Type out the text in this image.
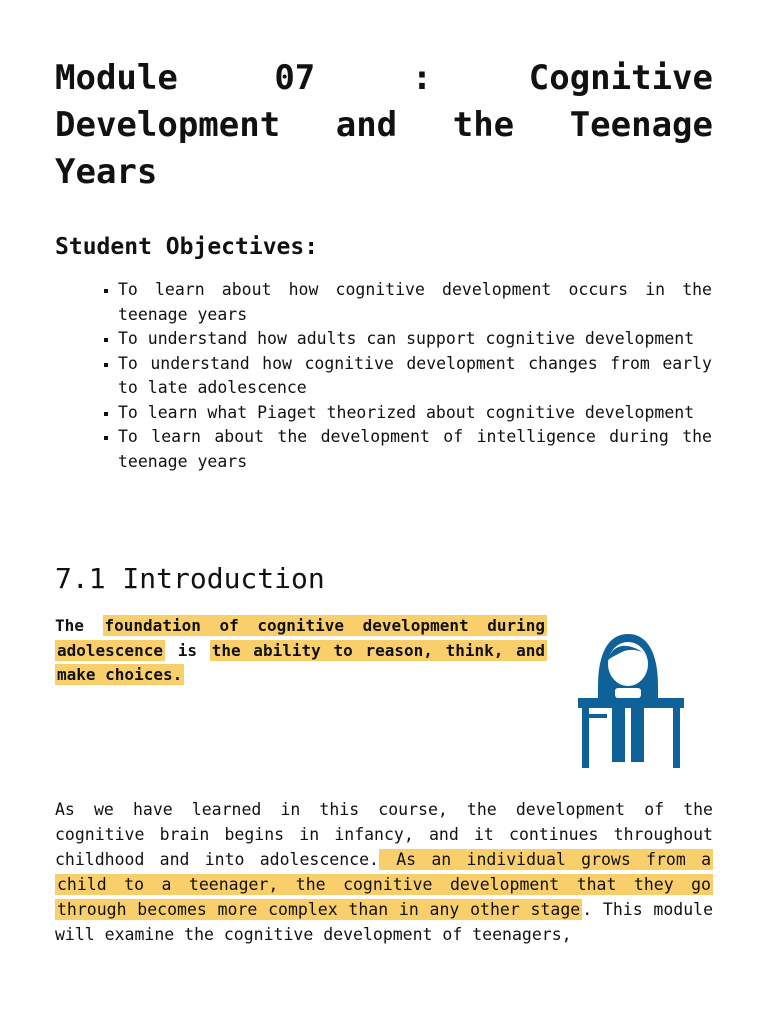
Module 07 : Cognitive Development and the Teenage Years
Student Objectives:
To learn about how cognitive development occurs in the teenage years
To understand how adults can support cognitive development
To understand how cognitive development changes from early to late adolescence
To learn what Piaget theorized about cognitive development
To learn about the development of intelligence during the teenage years
7.1 Introduction

The foundation of cognitive development during adolescence is the ability to reason, think, and make choices.

As we have learned in this course, the development of the cognitive brain begins in infancy, and it continues throughout childhood and into adolescence. As an individual grows from a child to a teenager, the cognitive development that they go through becomes more complex than in any other stage . This module will examine the cognitive development of teenagers,
